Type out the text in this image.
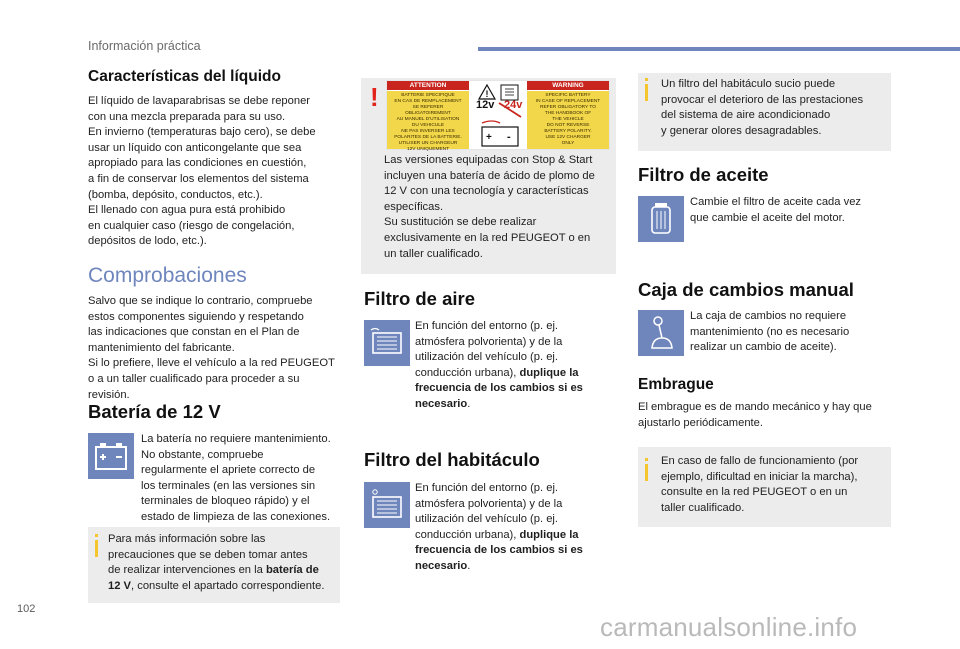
Información práctica
Características del líquido

El líquido de lavaparabrisas se debe reponer
con una mezcla preparada para su uso.
En invierno (temperaturas bajo cero), se debe
usar un líquido con anticongelante que sea
apropiado para las condiciones en cuestión,
a fin de conservar los elementos del sistema
(bomba, depósito, conductos, etc.).
El llenado con agua pura está prohibido
en cualquier caso (riesgo de congelación,
depósitos de lodo, etc.).

Comprobaciones

Salvo que se indique lo contrario, compruebe
estos componentes siguiendo y respetando
las indicaciones que constan en el Plan de
mantenimiento del fabricante.
Si lo prefiere, lleve el vehículo a la red PEUGEOT
o a un taller cualificado para proceder a su
revisión.

Batería de 12 V

La batería no requiere mantenimiento.
No obstante, compruebe
regularmente el apriete correcto de
los terminales (en las versiones sin
terminales de bloqueo rápido) y el
estado de limpieza de las conexiones.

Para más información sobre las
precauciones que se deben tomar antes
de realizar intervenciones en la batería de
12 V, consulte el apartado correspondiente.

!	ATTENTION
BATTERIE SPECIFIQUE
EN CAS DE REMPLACEMENT
SE REFERER OBLIGATOIREMENT
AU MANUEL D'UTILISATION
DU VEHICULE
NE PAS INVERSER LES
POLARITES DE LA BATTERIE.
UTILISER UN CHARGEUR
12V UNIQUEMENT
!
+ -
12v 24v
WARNING
SPECIFIC BATTERY
IN CASE OF REPLACEMENT
REFER OBLIGATORY TO
THE HANDBOOK OF
THE VEHICLE
DO NOT REVERSE
BATTERY POLARITY.
USE 12V CHARGER
ONLY

Las versiones equipadas con Stop & Start
incluyen una batería de ácido de plomo de
12 V con una tecnología y características
específicas.
Su sustitución se debe realizar
exclusivamente en la red PEUGEOT o en
un taller cualificado.

Filtro de aire

En función del entorno (p. ej.
atmósfera polvorienta) y de la
utilización del vehículo (p. ej.
conducción urbana), duplique la
frecuencia de los cambios si es
necesario.

Filtro del habitáculo

En función del entorno (p. ej.
atmósfera polvorienta) y de la
utilización del vehículo (p. ej.
conducción urbana), duplique la
frecuencia de los cambios si es
necesario.

Un filtro del habitáculo sucio puede
provocar el deterioro de las prestaciones
del sistema de aire acondicionado
y generar olores desagradables.

Filtro de aceite

Cambie el filtro de aceite cada vez
que cambie el aceite del motor.

Caja de cambios manual

La caja de cambios no requiere
mantenimiento (no es necesario
realizar un cambio de aceite).

Embrague

El embrague es de mando mecánico y hay que
ajustarlo periódicamente.

En caso de fallo de funcionamiento (por
ejemplo, dificultad en iniciar la marcha),
consulte en la red PEUGEOT o en un
taller cualificado.

102
carmanualsonline.info
